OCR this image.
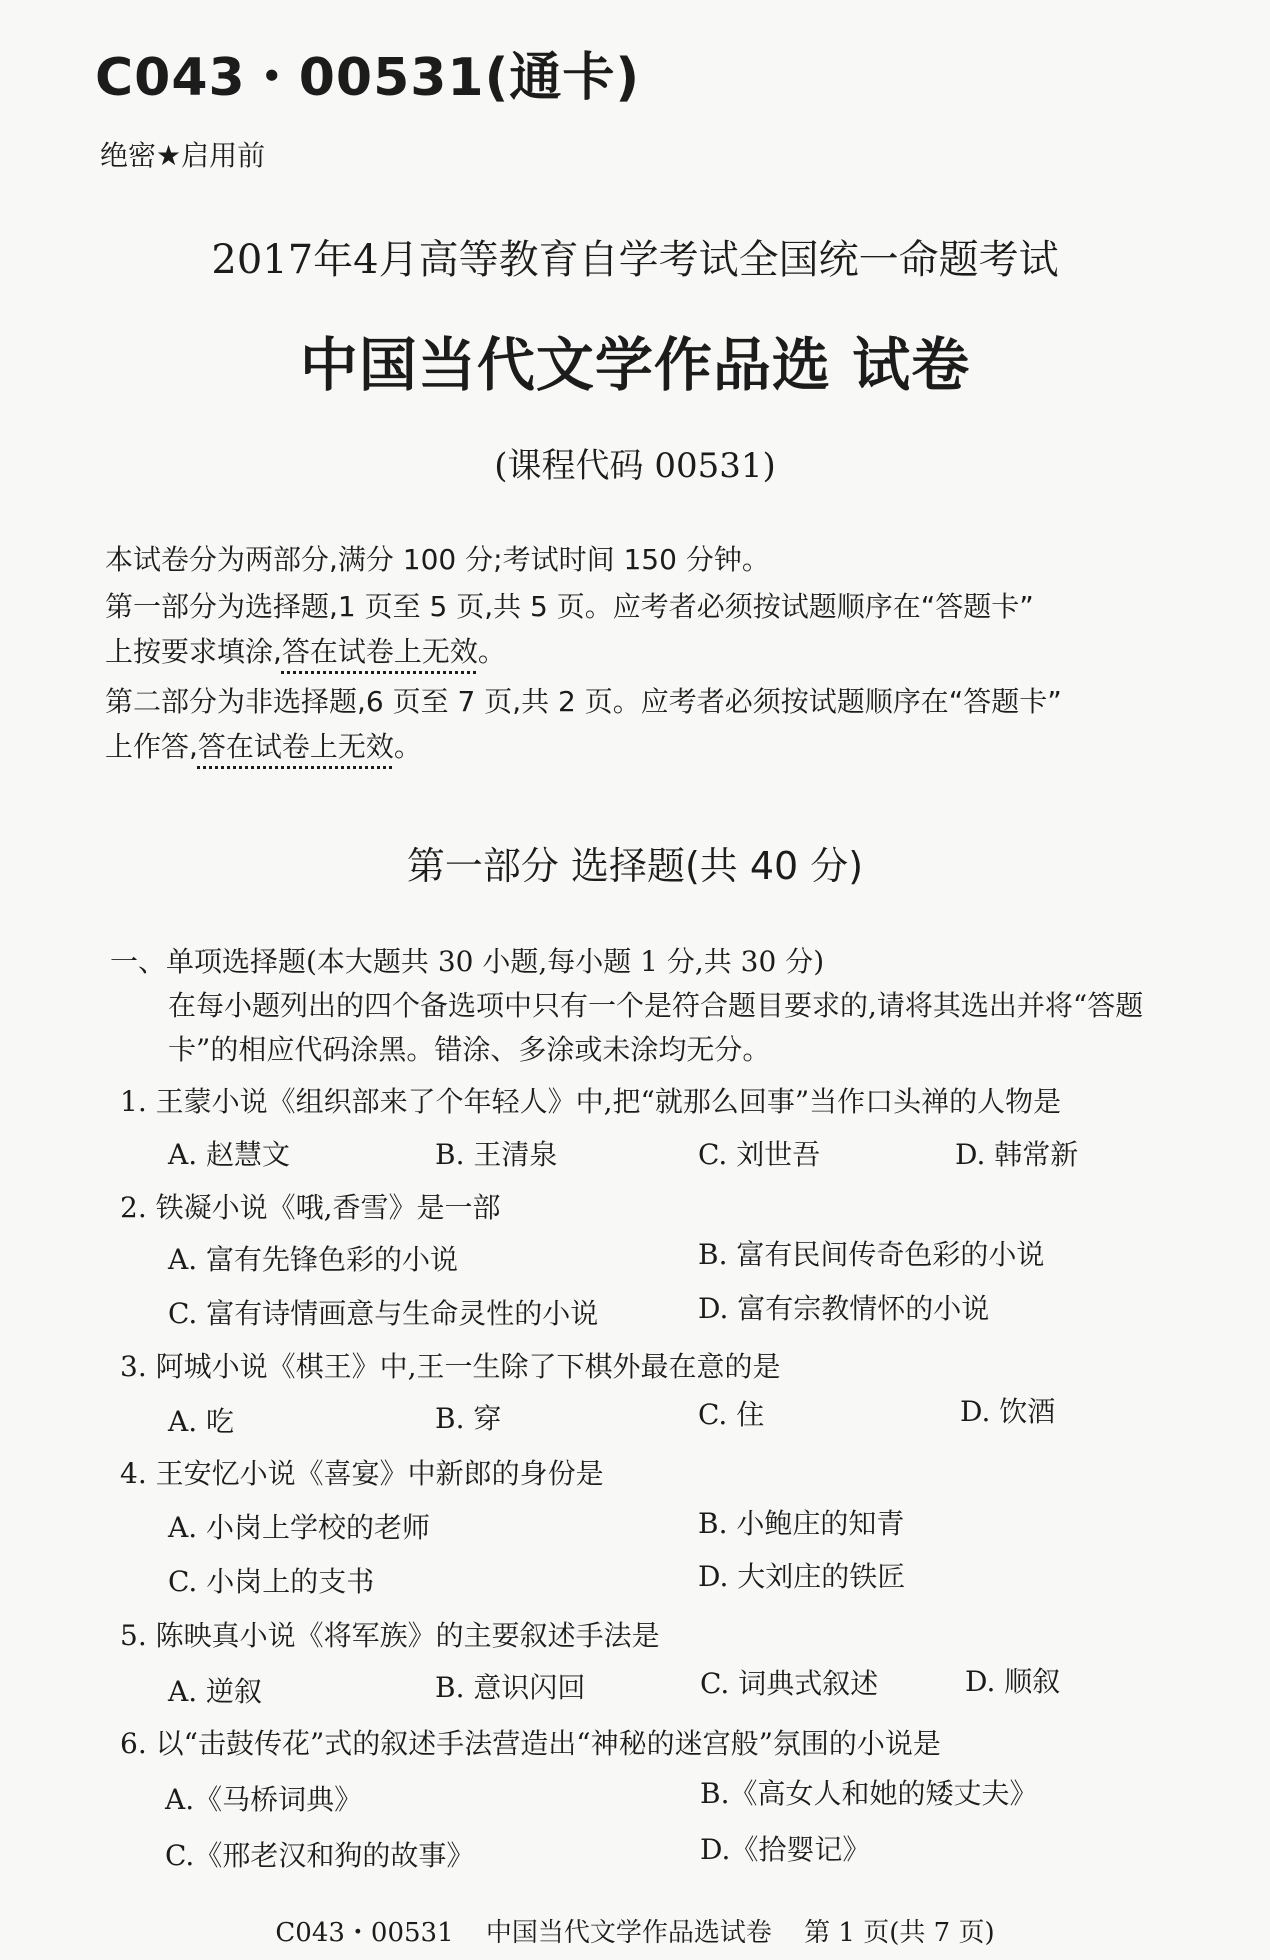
C043・00531(通卡)
绝密★启用前
2017年4月高等教育自学考试全国统一命题考试
中国当代文学作品选 试卷
(课程代码 00531)
本试卷分为两部分,满分 100 分;考试时间 150 分钟。
第一部分为选择题,1 页至 5 页,共 5 页。应考者必须按试题顺序在“答题卡”
上按要求填涂,答在试卷上无效。
第二部分为非选择题,6 页至 7 页,共 2 页。应考者必须按试题顺序在“答题卡”
上作答,答在试卷上无效。
第一部分 选择题(共 40 分)
一、单项选择题(本大题共 30 小题,每小题 1 分,共 30 分)
在每小题列出的四个备选项中只有一个是符合题目要求的,请将其选出并将“答题
卡”的相应代码涂黑。错涂、多涂或未涂均无分。
1. 王蒙小说《组织部来了个年轻人》中,把“就那么回事”当作口头禅的人物是
A. 赵慧文	B. 王清泉	C. 刘世吾	D. 韩常新
2. 铁凝小说《哦,香雪》是一部
A. 富有先锋色彩的小说	B. 富有民间传奇色彩的小说
C. 富有诗情画意与生命灵性的小说	D. 富有宗教情怀的小说
3. 阿城小说《棋王》中,王一生除了下棋外最在意的是
A. 吃	B. 穿	C. 住	D. 饮酒
4. 王安忆小说《喜宴》中新郎的身份是
A. 小岗上学校的老师	B. 小鲍庄的知青
C. 小岗上的支书	D. 大刘庄的铁匠
5. 陈映真小说《将军族》的主要叙述手法是
A. 逆叙	B. 意识闪回	C. 词典式叙述	D. 顺叙
6. 以“击鼓传花”式的叙述手法营造出“神秘的迷宫般”氛围的小说是
A.《马桥词典》	B.《高女人和她的矮丈夫》
C.《邢老汉和狗的故事》	D.《拾婴记》
C043・00531 中国当代文学作品选试卷 第 1 页(共 7 页)
